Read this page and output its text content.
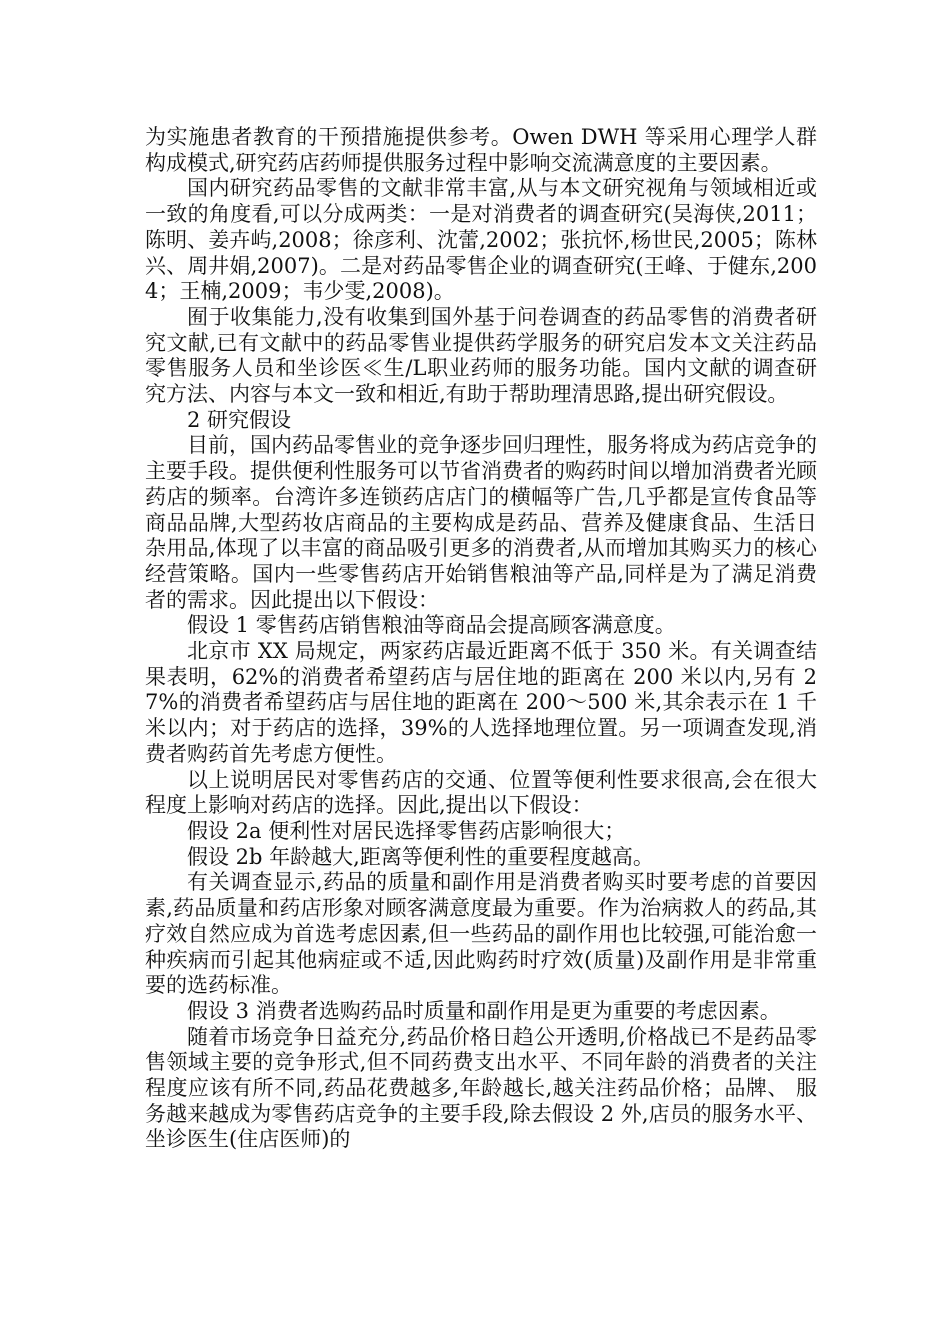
为实施患者教育的干预措施提供参考。Owen DWH 等采用心理学人群构成模式,研究药店药师提供服务过程中影响交流满意度的主要因素。

国内研究药品零售的文献非常丰富,从与本文研究视角与领域相近或一致的角度看,可以分成两类：一是对消费者的调查研究(吴海侠,2011；陈明、姜卉屿,2008；徐彦利、沈蕾,2002；张抗怀,杨世民,2005；陈林兴、周井娟,2007)。二是对药品零售企业的调查研究(王峰、于健东,2004；王楠,2009；韦少雯,2008)。

囿于收集能力,没有收集到国外基于问卷调查的药品零售的消费者研究文献,已有文献中的药品零售业提供药学服务的研究启发本文关注药品零售服务人员和坐诊医≪生/L职业药师的服务功能。国内文献的调查研究方法、内容与本文一致和相近,有助于帮助理清思路,提出研究假设。

2 研究假设

目前，国内药品零售业的竞争逐步回归理性，服务将成为药店竞争的主要手段。提供便利性服务可以节省消费者的购药时间以增加消费者光顾药店的频率。台湾许多连锁药店店门的横幅等广告,几乎都是宣传食品等商品品牌,大型药妆店商品的主要构成是药品、营养及健康食品、生活日杂用品,体现了以丰富的商品吸引更多的消费者,从而增加其购买力的核心经营策略。国内一些零售药店开始销售粮油等产品,同样是为了满足消费者的需求。因此提出以下假设：

假设 1 零售药店销售粮油等商品会提高顾客满意度。

北京市 XX 局规定，两家药店最近距离不低于 350 米。有关调查结果表明，62%的消费者希望药店与居住地的距离在 200 米以内,另有 27%的消费者希望药店与居住地的距离在 200～500 米,其余表示在 1 千米以内；对于药店的选择，39%的人选择地理位置。另一项调查发现,消费者购药首先考虑方便性。

以上说明居民对零售药店的交通、位置等便利性要求很高,会在很大程度上影响对药店的选择。因此,提出以下假设：

假设 2a 便利性对居民选择零售药店影响很大；

假设 2b 年龄越大,距离等便利性的重要程度越高。

有关调查显示,药品的质量和副作用是消费者购买时要考虑的首要因素,药品质量和药店形象对顾客满意度最为重要。作为治病救人的药品,其疗效自然应成为首选考虑因素,但一些药品的副作用也比较强,可能治愈一种疾病而引起其他病症或不适,因此购药时疗效(质量)及副作用是非常重要的选药标准。

假设 3 消费者选购药品时质量和副作用是更为重要的考虑因素。

随着市场竞争日益充分,药品价格日趋公开透明,价格战已不是药品零售领域主要的竞争形式,但不同药费支出水平、不同年龄的消费者的关注程度应该有所不同,药品花费越多,年龄越长,越关注药品价格；品牌、 服务越来越成为零售药店竞争的主要手段,除去假设 2 外,店员的服务水平、坐诊医生(住店医师)的
